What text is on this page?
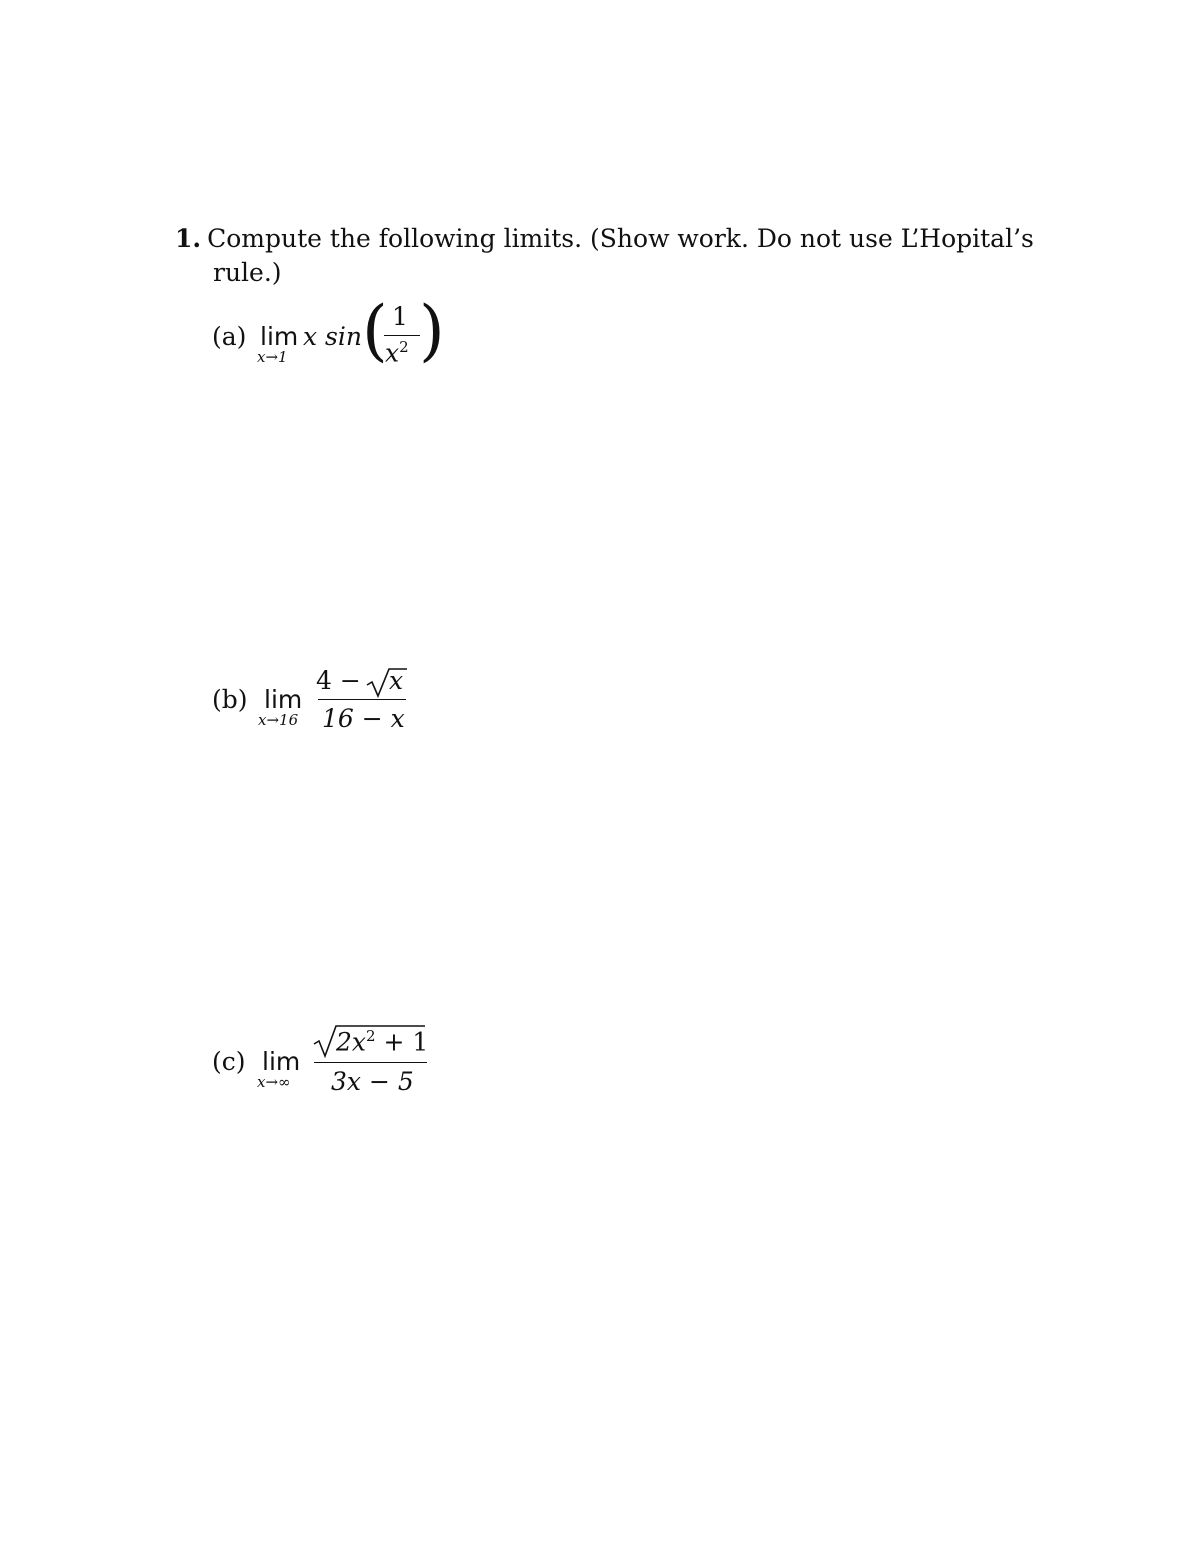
1. Compute the following limits. (Show work. Do not use L’Hopital’s
rule.)
(a) lim
x→1
x sin ( 1
$x^2$ )
(b) lim
x→16
4 − x
16 − x
(c) lim
x→∞
$2x^2 + 1$
3x − 5
